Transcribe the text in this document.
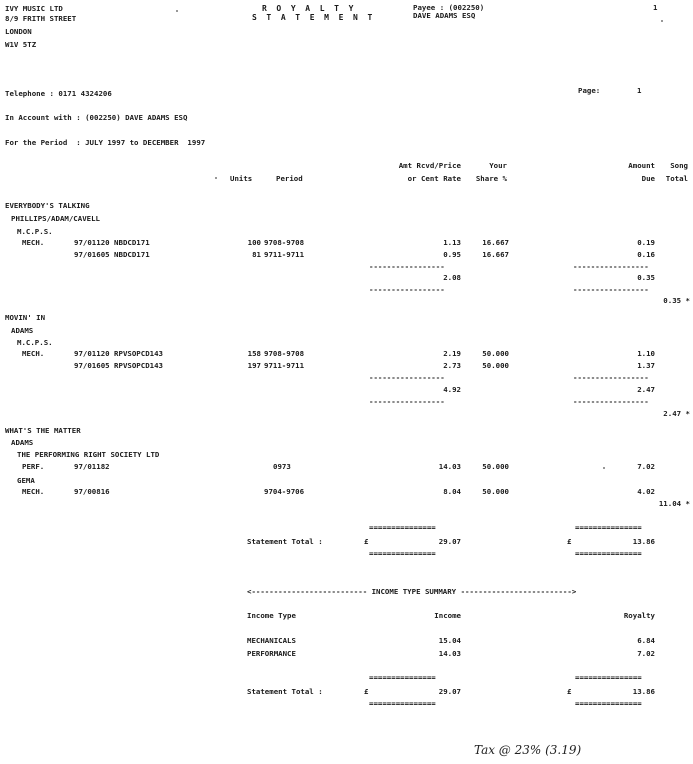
IVY MUSIC LTD
8/9 FRITH STREET
LONDON
W1V 5TZ
R O Y A L T Y
S T A T E M E N T
Payee : (002250)
DAVE ADAMS ESQ
1
Telephone : 0171 4324206	Page:	1
In Account with : (002250) DAVE ADAMS ESQ
For the Period  : JULY 1997 to DECEMBER  1997
Amt Rcvd/Price	Your	Amount Song
Units	Period	or Cent Rate Share %	Due Total
EVERYBODY'S TALKING
PHILLIPS/ADAM/CAVELL
M.C.P.S.
MECH.	97/01120 NBDCD171	100 9708-9708	1.13	16.667	0.19
97/01605 NBDCD171	81 9711-9711	0.95	16.667	0.16
-----------------	-----------------
2.08	0.35
-----------------	-----------------
0.35 *
MOVIN' IN
ADAMS
M.C.P.S.
MECH.	97/01120 RPVSOPCD143	158 9708-9708	2.19	50.000	1.10
97/01605 RPVSOPCD143	197 9711-9711	2.73	50.000	1.37
-----------------	-----------------
4.92	2.47
-----------------	-----------------
2.47 *
WHAT'S THE MATTER
ADAMS
THE PERFORMING RIGHT SOCIETY LTD
PERF.	97/01182	0973	14.03	50.000	7.02
GEMA
MECH.	97/00816	9704-9706	8.04	50.000	4.02
11.04 *
===============	===============
Statement Total :	£	29.07	£	13.86
===============	===============
<-------------------------- INCOME TYPE SUMMARY ------------------------->
Income Type	Income	Royalty
MECHANICALS	15.04	6.84
PERFORMANCE	14.03	7.02
===============	===============
Statement Total :	£	29.07	£	13.86
===============	===============
Tax @ 23% (3.19)
